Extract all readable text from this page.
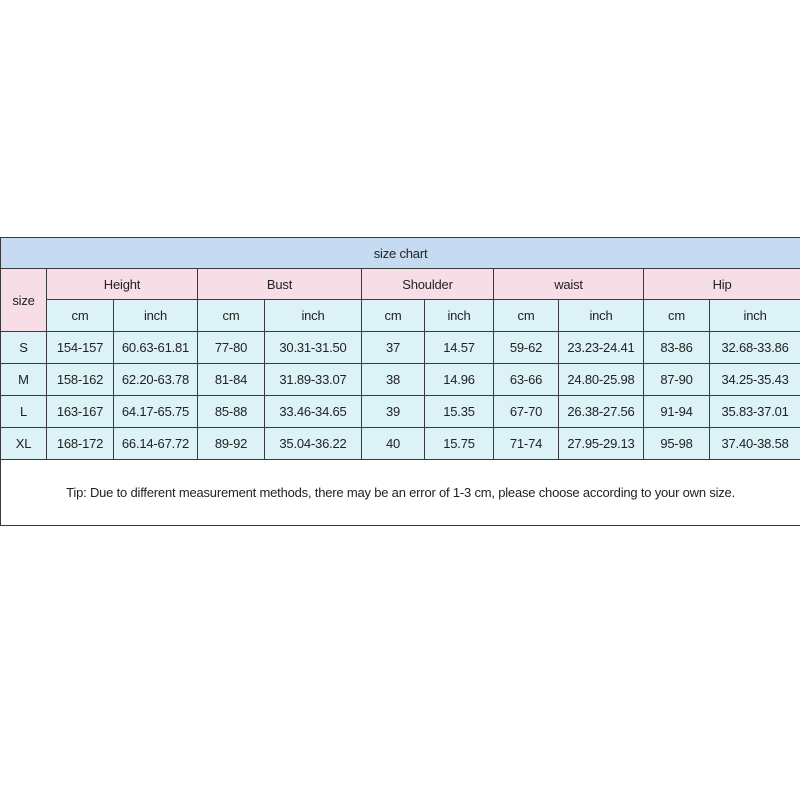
size chart										
size	Height		Bust		Shoulder		waist		Hip	
	cm	inch	cm	inch	cm	inch	cm	inch	cm	inch
S	154-157	60.63-61.81	77-80	30.31-31.50	37	14.57	59-62	23.23-24.41	83-86	32.68-33.86
M	158-162	62.20-63.78	81-84	31.89-33.07	38	14.96	63-66	24.80-25.98	87-90	34.25-35.43
L	163-167	64.17-65.75	85-88	33.46-34.65	39	15.35	67-70	26.38-27.56	91-94	35.83-37.01
XL	168-172	66.14-67.72	89-92	35.04-36.22	40	15.75	71-74	27.95-29.13	95-98	37.40-38.58
Tip: Due to different measurement methods, there may be an error of 1-3 cm, please choose according to your own size.										
